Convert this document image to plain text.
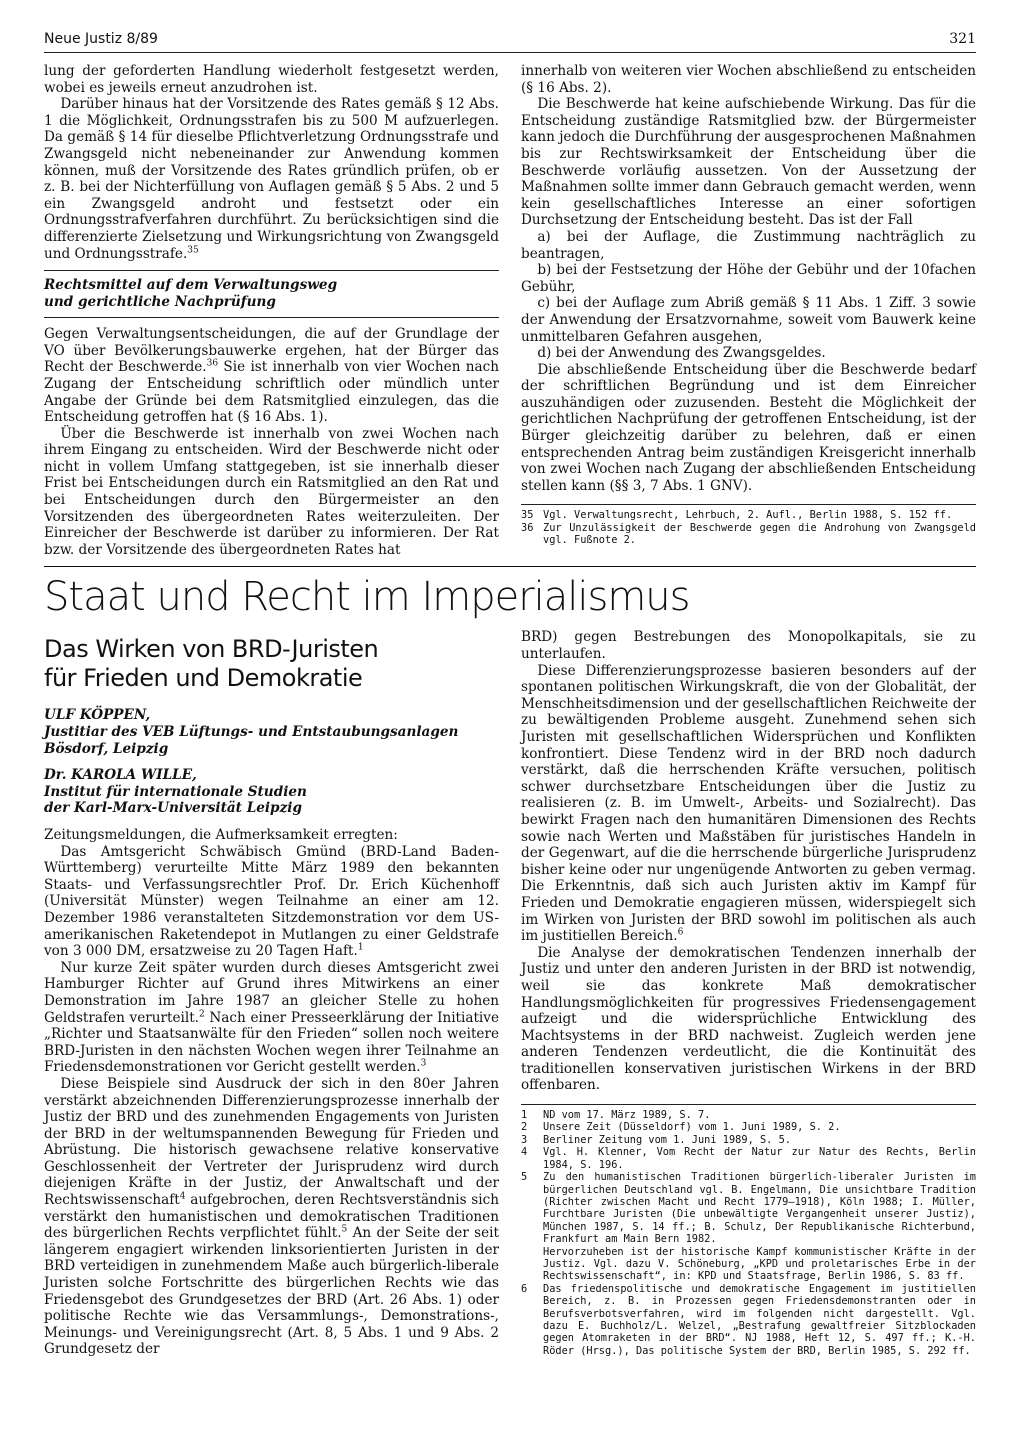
Neue Justiz 8/89	321

lung der geforderten Handlung wiederholt festgesetzt werden, wobei es jeweils erneut anzudrohen ist.

Darüber hinaus hat der Vorsitzende des Rates gemäß § 12 Abs. 1 die Möglichkeit, Ordnungsstrafen bis zu 500 M aufzuerlegen. Da gemäß § 14 für dieselbe Pflichtverletzung Ordnungsstrafe und Zwangsgeld nicht nebeneinander zur Anwendung kommen können, muß der Vorsitzende des Rates gründlich prüfen, ob er z. B. bei der Nichterfüllung von Auflagen gemäß § 5 Abs. 2 und 5 ein Zwangsgeld androht und festsetzt oder ein Ordnungsstrafverfahren durchführt. Zu berücksichtigen sind die differenzierte Zielsetzung und Wirkungsrichtung von Zwangsgeld und Ordnungsstrafe.$^{35}$

Rechtsmittel auf dem Verwaltungsweg
und gerichtliche Nachprüfung

Gegen Verwaltungsentscheidungen, die auf der Grundlage der VO über Bevölkerungsbauwerke ergehen, hat der Bürger das Recht der Beschwerde.$^{36}$ Sie ist innerhalb von vier Wochen nach Zugang der Entscheidung schriftlich oder mündlich unter Angabe der Gründe bei dem Ratsmitglied einzulegen, das die Entscheidung getroffen hat (§ 16 Abs. 1).

Über die Beschwerde ist innerhalb von zwei Wochen nach ihrem Eingang zu entscheiden. Wird der Beschwerde nicht oder nicht in vollem Umfang stattgegeben, ist sie innerhalb dieser Frist bei Entscheidungen durch ein Ratsmitglied an den Rat und bei Entscheidungen durch den Bürgermeister an den Vorsitzenden des übergeordneten Rates weiterzuleiten. Der Einreicher der Beschwerde ist darüber zu informieren. Der Rat bzw. der Vorsitzende des übergeordneten Rates hat

innerhalb von weiteren vier Wochen abschließend zu entscheiden (§ 16 Abs. 2).

Die Beschwerde hat keine aufschiebende Wirkung. Das für die Entscheidung zuständige Ratsmitglied bzw. der Bürgermeister kann jedoch die Durchführung der ausgesprochenen Maßnahmen bis zur Rechtswirksamkeit der Entscheidung über die Beschwerde vorläufig aussetzen. Von der Aussetzung der Maßnahmen sollte immer dann Gebrauch gemacht werden, wenn kein gesellschaftliches Interesse an einer sofortigen Durchsetzung der Entscheidung besteht. Das ist der Fall

a) bei der Auflage, die Zustimmung nachträglich zu beantragen,

b) bei der Festsetzung der Höhe der Gebühr und der 10fachen Gebühr,

c) bei der Auflage zum Abriß gemäß § 11 Abs. 1 Ziff. 3 sowie der Anwendung der Ersatzvornahme, soweit vom Bauwerk keine unmittelbaren Gefahren ausgehen,

d) bei der Anwendung des Zwangsgeldes.

Die abschließende Entscheidung über die Beschwerde bedarf der schriftlichen Begründung und ist dem Einreicher auszuhändigen oder zuzusenden. Besteht die Möglichkeit der gerichtlichen Nachprüfung der getroffenen Entscheidung, ist der Bürger gleichzeitig darüber zu belehren, daß er einen entsprechenden Antrag beim zuständigen Kreisgericht innerhalb von zwei Wochen nach Zugang der abschließenden Entscheidung stellen kann (§§ 3, 7 Abs. 1 GNV).

35 Vgl. Verwaltungsrecht, Lehrbuch, 2. Aufl., Berlin 1988, S. 152 ff.
36 Zur Unzulässigkeit der Beschwerde gegen die Androhung von Zwangsgeld vgl. Fußnote 2.
Staat und Recht im Imperialismus
Das Wirken von BRD-Juristen
für Frieden und Demokratie
ULF KÖPPEN,
Justitiar des VEB Lüftungs- und Entstaubungsanlagen
Bösdorf, Leipzig
Dr. KAROLA WILLE,
Institut für internationale Studien
der Karl-Marx-Universität Leipzig

Zeitungsmeldungen, die Aufmerksamkeit erregten:

Das Amtsgericht Schwäbisch Gmünd (BRD-Land Baden-Württemberg) verurteilte Mitte März 1989 den bekannten Staats- und Verfassungsrechtler Prof. Dr. Erich Küchenhoff (Universität Münster) wegen Teilnahme an einer am 12. Dezember 1986 veranstalteten Sitzdemonstration vor dem US-amerikanischen Raketendepot in Mutlangen zu einer Geldstrafe von 3 000 DM, ersatzweise zu 20 Tagen Haft.$^1$

Nur kurze Zeit später wurden durch dieses Amtsgericht zwei Hamburger Richter auf Grund ihres Mitwirkens an einer Demonstration im Jahre 1987 an gleicher Stelle zu hohen Geldstrafen verurteilt.$^2$ Nach einer Presseerklärung der Initiative „Richter und Staatsanwälte für den Frieden“ sollen noch weitere BRD-Juristen in den nächsten Wochen wegen ihrer Teilnahme an Friedensdemonstrationen vor Gericht gestellt werden.$^3$

Diese Beispiele sind Ausdruck der sich in den 80er Jahren verstärkt abzeichnenden Differenzierungsprozesse innerhalb der Justiz der BRD und des zunehmenden Engagements von Juristen der BRD in der weltumspannenden Bewegung für Frieden und Abrüstung. Die historisch gewachsene relative konservative Geschlossenheit der Vertreter der Jurisprudenz wird durch diejenigen Kräfte in der Justiz, der Anwaltschaft und der Rechtswissenschaft$^4$ aufgebrochen, deren Rechtsverständnis sich verstärkt den humanistischen und demokratischen Traditionen des bürgerlichen Rechts verpflichtet fühlt.$^5$ An der Seite der seit längerem engagiert wirkenden linksorientierten Juristen in der BRD verteidigen in zunehmendem Maße auch bürgerlich-liberale Juristen solche Fortschritte des bürgerlichen Rechts wie das Friedensgebot des Grundgesetzes der BRD (Art. 26 Abs. 1) oder politische Rechte wie das Versammlungs-, Demonstrations-, Meinungs- und Vereinigungsrecht (Art. 8, 5 Abs. 1 und 9 Abs. 2 Grundgesetz der

BRD) gegen Bestrebungen des Monopolkapitals, sie zu unterlaufen.

Diese Differenzierungsprozesse basieren besonders auf der spontanen politischen Wirkungskraft, die von der Globalität, der Menschheitsdimension und der gesellschaftlichen Reichweite der zu bewältigenden Probleme ausgeht. Zunehmend sehen sich Juristen mit gesellschaftlichen Widersprüchen und Konflikten konfrontiert. Diese Tendenz wird in der BRD noch dadurch verstärkt, daß die herrschenden Kräfte versuchen, politisch schwer durchsetzbare Entscheidungen über die Justiz zu realisieren (z. B. im Umwelt-, Arbeits- und Sozialrecht). Das bewirkt Fragen nach den humanitären Dimensionen des Rechts sowie nach Werten und Maßstäben für juristisches Handeln in der Gegenwart, auf die die herrschende bürgerliche Jurisprudenz bisher keine oder nur ungenügende Antworten zu geben vermag. Die Erkenntnis, daß sich auch Juristen aktiv im Kampf für Frieden und Demokratie engagieren müssen, widerspiegelt sich im Wirken von Juristen der BRD sowohl im politischen als auch im justitiellen Bereich.$^6$

Die Analyse der demokratischen Tendenzen innerhalb der Justiz und unter den anderen Juristen in der BRD ist notwendig, weil sie das konkrete Maß demokratischer Handlungsmöglichkeiten für progressives Friedensengagement aufzeigt und die widersprüchliche Entwicklung des Machtsystems in der BRD nachweist. Zugleich werden jene anderen Tendenzen verdeutlicht, die die Kontinuität des traditionellen konservativen juristischen Wirkens in der BRD offenbaren.

1	ND vom 17. März 1989, S. 7.
2	Unsere Zeit (Düsseldorf) vom 1. Juni 1989, S. 2.
3	Berliner Zeitung vom 1. Juni 1989, S. 5.
4	Vgl. H. Klenner, Vom Recht der Natur zur Natur des Rechts, Berlin 1984, S. 196.
5	Zu den humanistischen Traditionen bürgerlich-liberaler Juristen im bürgerlichen Deutschland vgl. B. Engelmann, Die unsichtbare Tradition (Richter zwischen Macht und Recht 1779–1918), Köln 1988; I. Müller, Furchtbare Juristen (Die unbewältigte Vergangenheit unserer Justiz), München 1987, S. 14 ff.; B. Schulz, Der Republikanische Richterbund, Frankfurt am Main Bern 1982.
Hervorzuheben ist der historische Kampf kommunistischer Kräfte in der Justiz. Vgl. dazu V. Schöneburg, „KPD und proletarisches Erbe in der Rechtswissenschaft“, in: KPD und Staatsfrage, Berlin 1986, S. 83 ff.
6	Das friedenspolitische und demokratische Engagement im justitiellen Bereich, z. B. in Prozessen gegen Friedensdemonstranten oder in Berufsverbotsverfahren, wird im folgenden nicht dargestellt. Vgl. dazu E. Buchholz/L. Welzel, „Bestrafung gewaltfreier Sitzblockaden gegen Atomraketen in der BRD“. NJ 1988, Heft 12, S. 497 ff.; K.-H. Röder (Hrsg.), Das politische System der BRD, Berlin 1985, S. 292 ff.
